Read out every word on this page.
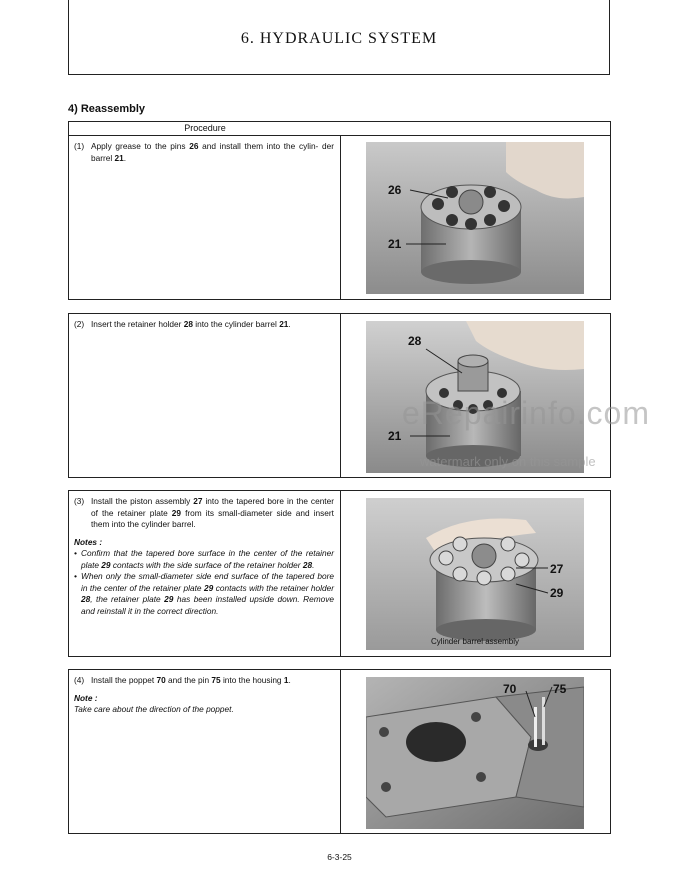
6. HYDRAULIC SYSTEM
4) Reassembly
Procedure
(1) Apply grease to the pins 26 and install them into the cylin- der barrel 21.
26
21
(2) Insert the retainer holder 28 into the cylinder barrel 21.
28
21
(3) Install the piston assembly 27 into the tapered bore in the center of the retainer plate 29 from its small-diameter side and insert them into the cylinder barrel.
Notes :
• Confirm that the tapered bore surface in the center of the retainer plate 29 contacts with the side surface of the retainer holder 28.
• When only the small-diameter side end surface of the tapered bore in the center of the retainer plate 29 contacts with the retainer holder 28, the retainer plate 29 has been installed upside down. Remove and reinstall it in the correct direction.
27
29
Cylinder barrel assembly
(4) Install the poppet 70 and the pin 75 into the housing 1.
Note :
Take care about the direction of the poppet.
70	75
eRepairinfo.com
watermark only on this sample
6-3-25
